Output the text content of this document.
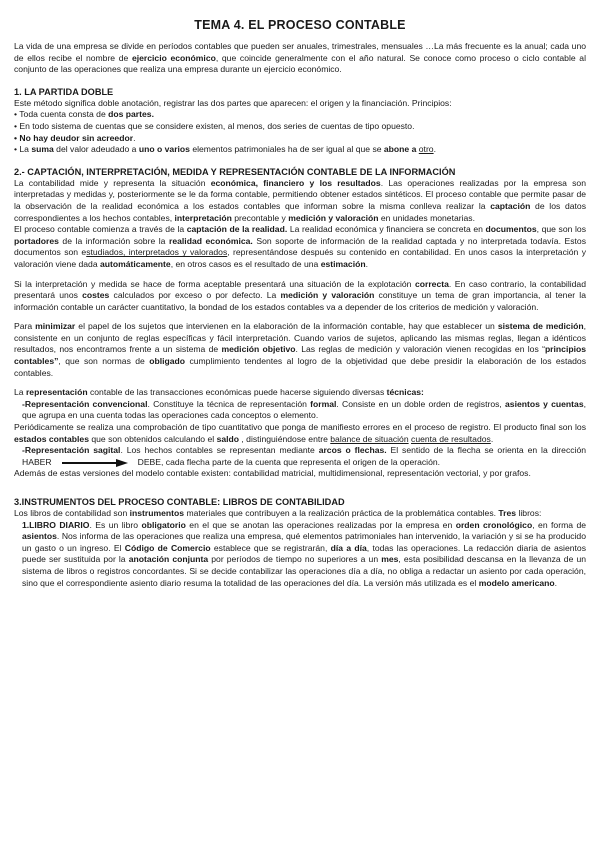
TEMA 4. EL PROCESO CONTABLE

La vida de una empresa se divide en períodos contables que pueden ser anuales, trimestrales, mensuales …La más frecuente es la anual; cada uno de ellos recibe el nombre de ejercicio económico, que coincide generalmente con el año natural. Se conoce como proceso o ciclo contable al conjunto de las operaciones que realiza una empresa durante un ejercicio económico.

1. LA PARTIDA DOBLE

Este método significa doble anotación, registrar las dos partes que aparecen: el origen y la financiación. Principios:

• Toda cuenta consta de dos partes.

• En todo sistema de cuentas que se considere existen, al menos, dos series de cuentas de tipo opuesto.

• No hay deudor sin acreedor.

• La suma del valor adeudado a uno o varios elementos patrimoniales ha de ser igual al que se abone a otro.

2.- CAPTACIÓN, INTERPRETACIÓN, MEDIDA Y REPRESENTACIÓN CONTABLE DE LA INFORMACIÓN

La contabilidad mide y representa la situación económica, financiero y los resultados. Las operaciones realizadas por la empresa son interpretadas y medidas y, posteriormente se le da forma contable, permitiendo obtener estados sintéticos. El proceso contable que permite pasar de la observación de la realidad económica a los estados contables que informan sobre la misma conlleva realizar la captación de los datos correspondientes a los hechos contables, interpretación precontable y medición y valoración en unidades monetarias.

El proceso contable comienza a través de la captación de la realidad. La realidad económica y financiera se concreta en documentos, que son los portadores de la información sobre la realidad económica. Son soporte de información de la realidad captada y no interpretada todavía. Estos documentos son estudiados, interpretados y valorados, representándose después su contenido en contabilidad. En unos casos la interpretación y valoración viene dada automáticamente, en otros casos es el resultado de una estimación.

Si la interpretación y medida se hace de forma aceptable presentará una situación de la explotación correcta. En caso contrario, la contabilidad presentará unos costes calculados por exceso o por defecto. La medición y valoración constituye un tema de gran importancia, al tener la información contable un carácter cuantitativo, la bondad de los estados contables va a depender de los criterios de medición y valoración.

Para minimizar el papel de los sujetos que intervienen en la elaboración de la información contable, hay que establecer un sistema de medición, consistente en un conjunto de reglas específicas y fácil interpretación. Cuando varios de sujetos, aplicando las mismas reglas, llegan a idénticos resultados, nos encontramos frente a un sistema de medición objetivo. Las reglas de medición y valoración vienen recogidas en los “principios contables”, que son normas de obligado cumplimiento tendentes al logro de la objetividad que debe presidir la elaboración de los estados contables.

La representación contable de las transacciones económicas puede hacerse siguiendo diversas técnicas:

-Representación convencional. Constituye la técnica de representación formal. Consiste en un doble orden de registros, asientos y cuentas, que agrupa en una cuenta todas las operaciones cada conceptos o elemento.

Periódicamente se realiza una comprobación de tipo cuantitativo que ponga de manifiesto errores en el proceso de registro. El producto final son los estados contables que son obtenidos calculando el saldo , distinguiéndose entre balance de situación cuenta de resultados.

-Representación sagital. Los hechos contables se representan mediante arcos o flechas. El sentido de la flecha se orienta en la dirección HABER	DEBE, cada flecha parte de la cuenta que representa el origen de la operación.

Además de estas versiones del modelo contable existen: contabilidad matricial, multidimensional, representación vectorial, y por grafos.

3.INSTRUMENTOS DEL PROCESO CONTABLE: LIBROS DE CONTABILIDAD

Los libros de contabilidad son instrumentos materiales que contribuyen a la realización práctica de la problemática contables. Tres libros:

1.LIBRO DIARIO. Es un libro obligatorio en el que se anotan las operaciones realizadas por la empresa en orden cronológico, en forma de asientos. Nos informa de las operaciones que realiza una empresa, qué elementos patrimoniales han intervenido, la variación y si se ha producido un gasto o un ingreso. El Código de Comercio establece que se registrarán, día a día, todas las operaciones. La redacción diaria de asientos puede ser sustituida por la anotación conjunta por períodos de tiempo no superiores a un mes, esta posibilidad descansa en la llevanza de un sistema de libros o registros concordantes. Si se decide contabilizar las operaciones día a día, no obliga a redactar un asiento por cada operación, sino que el correspondiente asiento diario resuma la totalidad de las operaciones del día. La versión más utilizada es el modelo americano.
